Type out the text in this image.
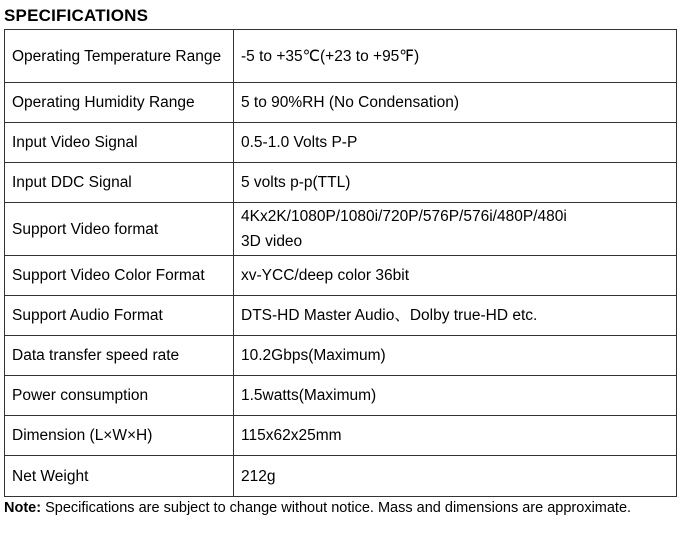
SPECIFICATIONS
Operating Temperature Range	-5 to +35℃(+23 to +95℉)
Operating Humidity Range	5 to 90%RH (No Condensation)
Input Video Signal	0.5-1.0 Volts P-P
Input DDC Signal	5 volts p-p(TTL)
Support Video format	4Kx2K/1080P/1080i/720P/576P/576i/480P/480i
3D video

Support Video Color Format	xv-YCC/deep color 36bit
Support Audio Format	DTS-HD Master Audio、Dolby true-HD etc.
Data transfer speed rate	10.2Gbps(Maximum)
Power consumption	1.5watts(Maximum)
Dimension (L×W×H)	115x62x25mm
Net Weight	212g
Note: Specifications are subject to change without notice. Mass and dimensions are approximate.
